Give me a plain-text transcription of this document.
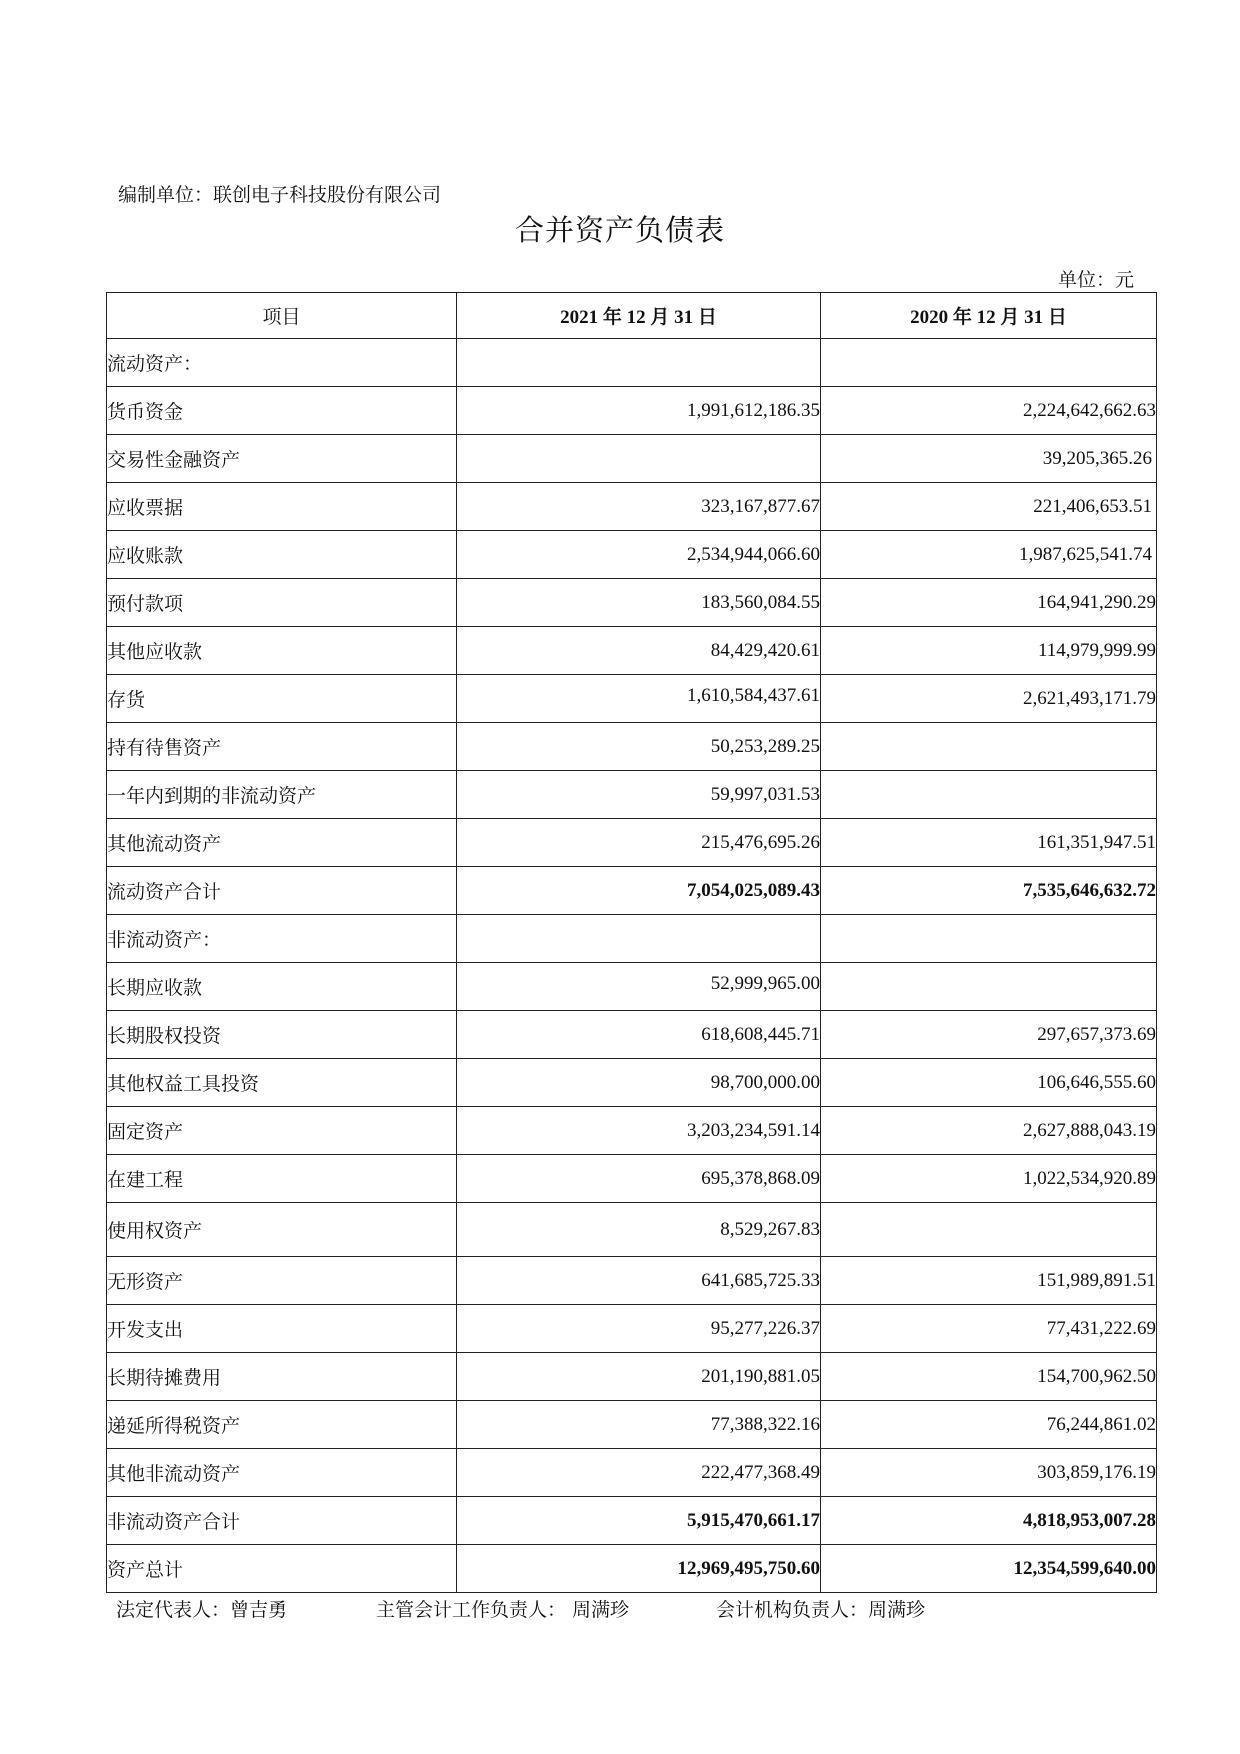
编制单位：联创电子科技股份有限公司
合并资产负债表
单位：元
项目	2021 年 12 月 31 日	2020 年 12 月 31 日
流动资产：		
货币资金	1,991,612,186.35	2,224,642,662.63
交易性金融资产		39,205,365.26
应收票据	323,167,877.67	221,406,653.51
应收账款	2,534,944,066.60	1,987,625,541.74
预付款项	183,560,084.55	164,941,290.29
其他应收款	84,429,420.61	114,979,999.99
存货	1,610,584,437.61	2,621,493,171.79
持有待售资产	50,253,289.25	
一年内到期的非流动资产	59,997,031.53	
其他流动资产	215,476,695.26	161,351,947.51
流动资产合计	7,054,025,089.43	7,535,646,632.72
非流动资产：		
长期应收款	52,999,965.00	
长期股权投资	618,608,445.71	297,657,373.69
其他权益工具投资	98,700,000.00	106,646,555.60
固定资产	3,203,234,591.14	2,627,888,043.19
在建工程	695,378,868.09	1,022,534,920.89
使用权资产	8,529,267.83	
无形资产	641,685,725.33	151,989,891.51
开发支出	95,277,226.37	77,431,222.69
长期待摊费用	201,190,881.05	154,700,962.50
递延所得税资产	77,388,322.16	76,244,861.02
其他非流动资产	222,477,368.49	303,859,176.19
非流动资产合计	5,915,470,661.17	4,818,953,007.28
资产总计	12,969,495,750.60	12,354,599,640.00
法定代表人：曾吉勇	主管会计工作负责人： 周满珍	会计机构负责人：周满珍
